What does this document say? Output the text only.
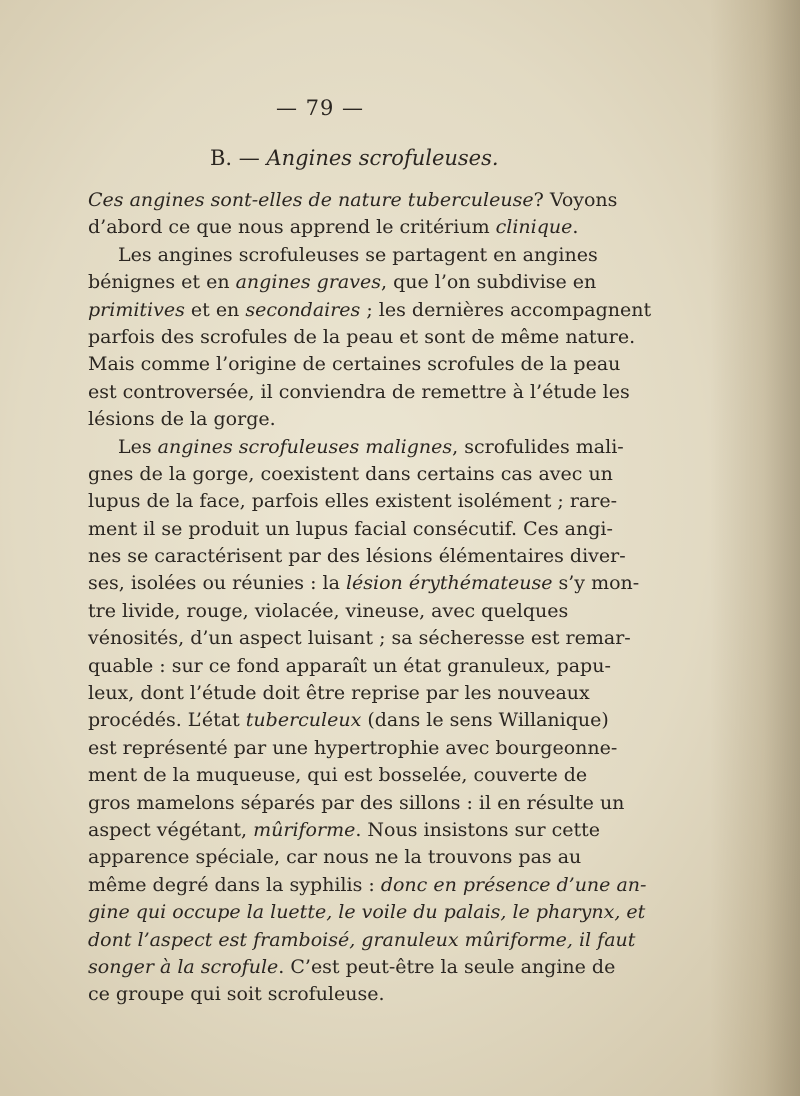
— 79 —
B. — Angines scrofuleuses.
Ces angines sont-elles de nature tuberculeuse? Voyons
d’abord ce que nous apprend le critérium clinique.
Les angines scrofuleuses se partagent en angines
bénignes et en angines graves, que l’on subdivise en
primitives et en secondaires ; les dernières accompagnent
parfois des scrofules de la peau et sont de même nature.
Mais comme l’origine de certaines scrofules de la peau
est controversée, il conviendra de remettre à l’étude les
lésions de la gorge.
Les angines scrofuleuses malignes, scrofulides mali-
gnes de la gorge, coexistent dans certains cas avec un
lupus de la face, parfois elles existent isolément ; rare-
ment il se produit un lupus facial consécutif. Ces angi-
nes se caractérisent par des lésions élémentaires diver-
ses, isolées ou réunies : la lésion érythémateuse s’y mon-
tre livide, rouge, violacée, vineuse, avec quelques
vénosités, d’un aspect luisant ; sa sécheresse est remar-
quable : sur ce fond apparaît un état granuleux, papu-
leux, dont l’étude doit être reprise par les nouveaux
procédés. L’état tuberculeux (dans le sens Willanique)
est représenté par une hypertrophie avec bourgeonne-
ment de la muqueuse, qui est bosselée, couverte de
gros mamelons séparés par des sillons : il en résulte un
aspect végétant, mûriforme. Nous insistons sur cette
apparence spéciale, car nous ne la trouvons pas au
même degré dans la syphilis : donc en présence d’une an-
gine qui occupe la luette, le voile du palais, le pharynx, et
dont l’aspect est framboisé, granuleux mûriforme, il faut
songer à la scrofule. C’est peut-être la seule angine de
ce groupe qui soit scrofuleuse.
